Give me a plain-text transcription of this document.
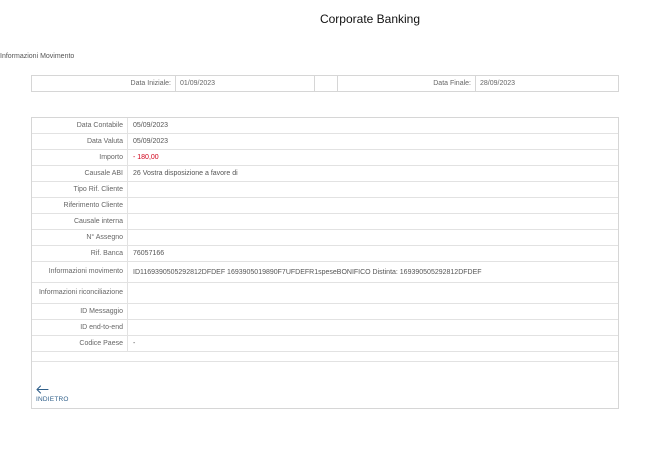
Corporate Banking
Informazioni Movimento
Data Iniziale:	01/09/2023	Data Finale:	28/09/2023
Data Contabile	05/09/2023
Data Valuta	05/09/2023
Importo	- 180,00
Causale ABI	26 Vostra disposizione a favore di
Tipo Rif. Cliente
Riferimento Cliente
Causale interna
N° Assegno
Rif. Banca	76057166
Informazioni movimento	ID1169390505292812DFDEF 1693905019890F7UFDEFR1speseBONIFICO Distinta: 169390505292812DFDEF
Informazioni riconciliazione
ID Messaggio
ID end-to-end
Codice Paese	-
INDIETRO
